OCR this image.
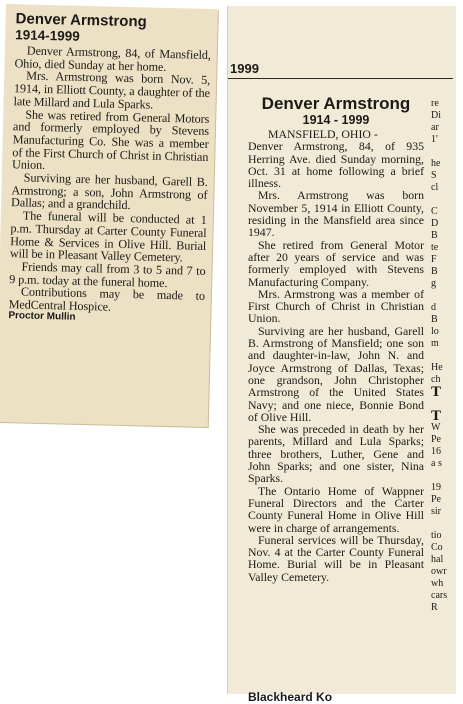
Denver Armstrong

1914-1999

Denver Armstrong, 84, of Mansfield, Ohio, died Sunday at her home.

Mrs. Armstrong was born Nov. 5, 1914, in Elliott County, a daughter of the late Millard and Lula Sparks.

She was retired from General Motors and formerly employed by Stevens Manufacturing Co. She was a member of the First Church of Christ in Christian Union.

Surviving are her husband, Garell B. Armstrong; a son, John Armstrong of Dallas; and a grandchild.

The funeral will be conducted at 1 p.m. Thursday at Carter County Funeral Home & Services in Olive Hill. Burial will be in Pleasant Valley Cemetery.

Friends may call from 3 to 5 and 7 to 9 p.m. today at the funeral home.

Contributions may be made to MedCentral Hospice.

Proctor Mullin

1999

Denver Armstrong

1914 - 1999

MANSFIELD, OHIO -

Denver Armstrong, 84, of 935 Herring Ave. died Sunday morning, Oct. 31 at home following a brief illness.

Mrs. Armstrong was born November 5, 1914 in Elliott County, residing in the Mansfield area since 1947.

She retired from General Motor after 20 years of service and was formerly employed with Stevens Manufacturing Company.

Mrs. Armstrong was a member of First Church of Christ in Christian Union.

Surviving are her husband, Garell B. Armstrong of Mansfield; one son and daughter-in-law, John N. and Joyce Armstrong of Dallas, Texas; one grandson, John Christopher Armstrong of the United States Navy; and one niece, Bonnie Bond of Olive Hill.

She was preceded in death by her parents, Millard and Lula Sparks; three brothers, Luther, Gene and John Sparks; and one sister, Nina Sparks.

The Ontario Home of Wappner Funeral Directors and the Carter County Funeral Home in Olive Hill were in charge of arrangements.

Funeral services will be Thursday, Nov. 4 at the Carter County Funeral Home. Burial will be in Pleasant Valley Cemetery.

re
Di
ar
1'
he
S
cl
C
D
B
te
F
B
g
d
B
lo
m
He
ch
T
T
W
Pe
16
a s
19
Pe
sir
tio
Co
hal
owr
wh
cars
R
Blackheard Ko
